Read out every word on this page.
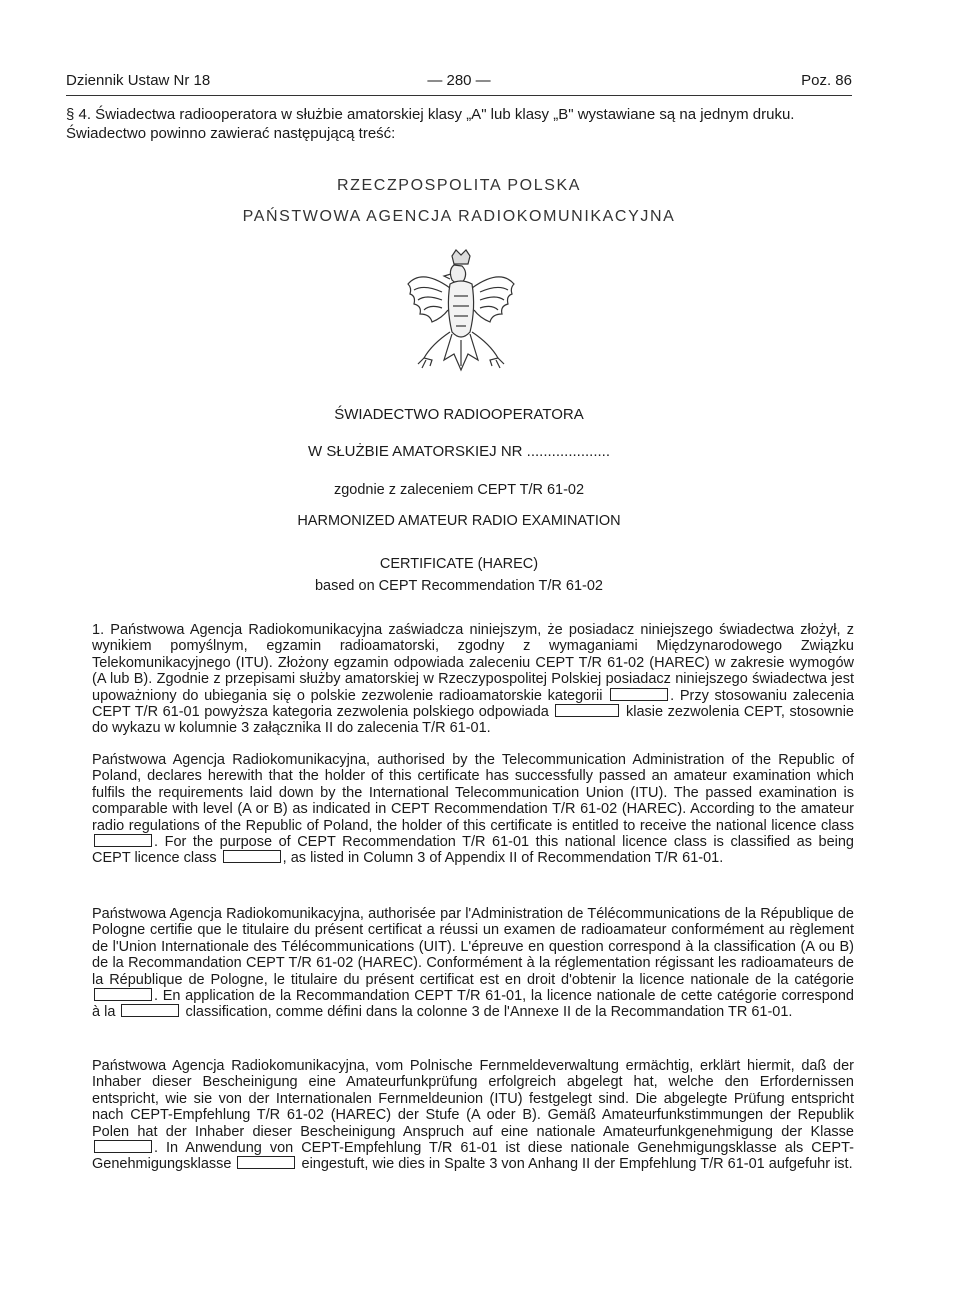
Dziennik Ustaw Nr 18	— 280 —	Poz. 86
§ 4. Świadectwa radiooperatora w służbie amatorskiej klasy „A" lub klasy „B" wystawiane są na jednym druku. Świadectwo powinno zawierać następującą treść:
RZECZPOSPOLITA POLSKA
PAŃSTWOWA AGENCJA RADIOKOMUNIKACYJNA
ŚWIADECTWO RADIOOPERATORA
W SŁUŻBIE AMATORSKIEJ NR ....................
zgodnie z zaleceniem CEPT T/R 61-02
HARMONIZED AMATEUR RADIO EXAMINATION
CERTIFICATE (HAREC)
based on CEPT Recommendation T/R 61-02
1. Państwowa Agencja Radiokomunikacyjna zaświadcza niniejszym, że posiadacz niniejszego świadectwa złożył, z wynikiem pomyślnym, egzamin radioamatorski, zgodny z wymaganiami Międzynarodowego Związku Telekomunikacyjnego (ITU). Złożony egzamin odpowiada zaleceniu CEPT T/R 61-02 (HAREC) w zakresie wymogów (A lub B). Zgodnie z przepisami służby amatorskiej w Rzeczypospolitej Polskiej posiadacz niniejszego świadectwa jest upoważniony do ubiegania się o polskie zezwolenie radioamatorskie kategorii	. Przy stosowaniu zalecenia CEPT T/R 61-01 powyższa kategoria zezwolenia polskiego odpowiada	klasie zezwolenia CEPT, stosownie do wykazu w kolumnie 3 załącznika II do zalecenia T/R 61-01.
Państwowa Agencja Radiokomunikacyjna, authorised by the Telecommunication Administration of the Republic of Poland, declares herewith that the holder of this certificate has successfully passed an amateur examination which fulfils the requirements laid down by the International Telecommunication Union (ITU). The passed examination is comparable with level (A or B) as indicated in CEPT Recommendation T/R 61-02 (HAREC). According to the amateur radio regulations of the Republic of Poland, the holder of this certificate is entitled to receive the national licence class . For the purpose of CEPT Recommendation T/R 61-01 this national licence class is classified as being CEPT licence class	, as listed in Column 3 of Appendix II of Recommendation T/R 61-01.
Państwowa Agencja Radiokomunikacyjna, authorisée par l'Administration de Télécommunications de la République de Pologne certifie que le titulaire du présent certificat a réussi un examen de radioamateur conformément au règlement de l'Union Internationale des Télécommunications (UIT). L'épreuve en question correspond à la classification (A ou B) de la Recommandation CEPT T/R 61-02 (HAREC). Conformément à la réglementation régissant les radioamateurs de la République de Pologne, le titulaire du présent certificat est en droit d'obtenir la licence nationale de la catégorie . En application de la Recommandation CEPT T/R 61-01, la licence nationale de cette catégorie correspond à la	classification, comme défini dans la colonne 3 de l'Annexe II de la Recommandation TR 61-01.
Państwowa Agencja Radiokomunikacyjna, vom Polnische Fernmeldeverwaltung ermächtig, erklärt hiermit, daß der Inhaber dieser Bescheinigung eine Amateurfunkprüfung erfolgreich abgelegt hat, welche den Erfordernissen entspricht, wie sie von der Internationalen Fernmeldeunion (ITU) festgelegt sind. Die abgelegte Prüfung entspricht nach CEPT-Empfehlung T/R 61-02 (HAREC) der Stufe (A oder B). Gemäß Amateurfunkstimmungen der Republik Polen hat der Inhaber dieser Bescheinigung Anspruch auf eine nationale Amateurfunkgenehmigung der Klasse . In Anwendung von CEPT-Empfehlung T/R 61-01 ist diese nationale Genehmigungsklasse als CEPT- Genehmigungsklasse	eingestuft, wie dies in Spalte 3 von Anhang II der Empfehlung T/R 61-01 aufgefuhr ist.
